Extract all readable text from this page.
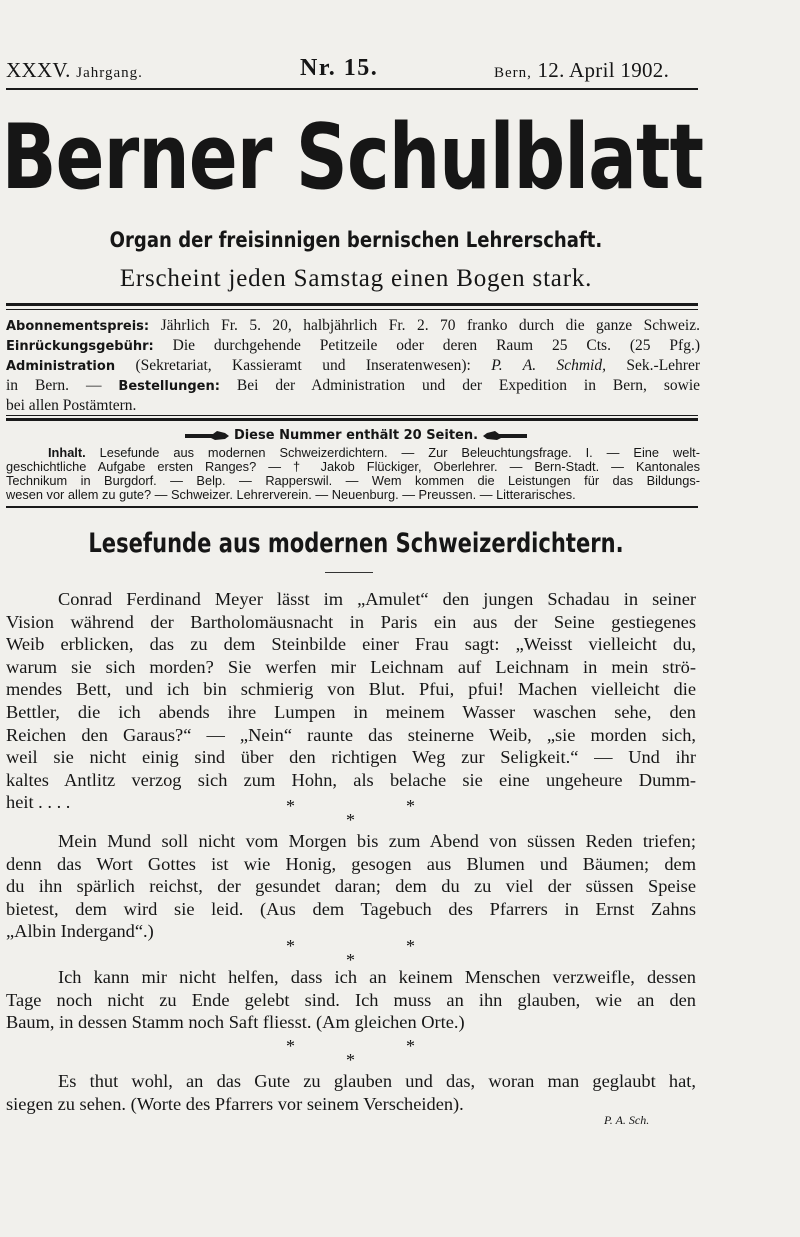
XXXV. Jahrgang.	Nr. 15.	Bern, 12. April 1902.
Berner Schulblatt
Organ der freisinnigen bernischen Lehrerschaft.
Erscheint jeden Samstag einen Bogen stark.

Abonnementspreis: Jährlich Fr. 5. 20, halbjährlich Fr. 2. 70 franko durch die ganze Schweiz.

Einrückungsgebühr: Die durchgehende Petitzeile oder deren Raum 25 Cts. (25 Pfg.)

Administration (Sekretariat, Kassieramt und Inseratenwesen): P. A. Schmid, Sek.-Lehrer

in Bern. — Bestellungen: Bei der Administration und der Expedition in Bern, sowie

bei allen Postämtern.

Diese Nummer enthält 20 Seiten.

Inhalt. Lesefunde aus modernen Schweizerdichtern. — Zur Beleuchtungsfrage. I. — Eine welt-

geschichtliche Aufgabe ersten Ranges? — † Jakob Flückiger, Oberlehrer. — Bern-Stadt. — Kantonales

Technikum in Burgdorf. — Belp. — Rapperswil. — Wem kommen die Leistungen für das Bildungs-

wesen vor allem zu gute? — Schweizer. Lehrerverein. — Neuenburg. — Preussen. — Litterarisches.

Lesefunde aus modernen Schweizerdichtern.

Conrad Ferdinand Meyer lässt im „Amulet“ den jungen Schadau in seiner

Vision während der Bartholomäusnacht in Paris ein aus der Seine gestiegenes

Weib erblicken, das zu dem Steinbilde einer Frau sagt: „Weisst vielleicht du,

warum sie sich morden? Sie werfen mir Leichnam auf Leichnam in mein strö-

mendes Bett, und ich bin schmierig von Blut. Pfui, pfui! Machen vielleicht die

Bettler, die ich abends ihre Lumpen in meinem Wasser waschen sehe, den

Reichen den Garaus?“ — „Nein“ raunte das steinerne Weib, „sie morden sich,

weil sie nicht einig sind über den richtigen Weg zur Seligkeit.“ — Und ihr

kaltes Antlitz verzog sich zum Hohn, als belache sie eine ungeheure Dumm-

heit . . . .	*	*
*

Mein Mund soll nicht vom Morgen bis zum Abend von süssen Reden triefen;

denn das Wort Gottes ist wie Honig, gesogen aus Blumen und Bäumen; dem

du ihn spärlich reichst, der gesundet daran; dem du zu viel der süssen Speise

bietest, dem wird sie leid. (Aus dem Tagebuch des Pfarrers in Ernst Zahns

„Albin Indergand“.)

*	*
*

Ich kann mir nicht helfen, dass ich an keinem Menschen verzweifle, dessen

Tage noch nicht zu Ende gelebt sind. Ich muss an ihn glauben, wie an den

Baum, in dessen Stamm noch Saft fliesst. (Am gleichen Orte.)

*	*
*

Es thut wohl, an das Gute zu glauben und das, woran man geglaubt hat,

siegen zu sehen. (Worte des Pfarrers vor seinem Verscheiden).

P. A. Sch.
